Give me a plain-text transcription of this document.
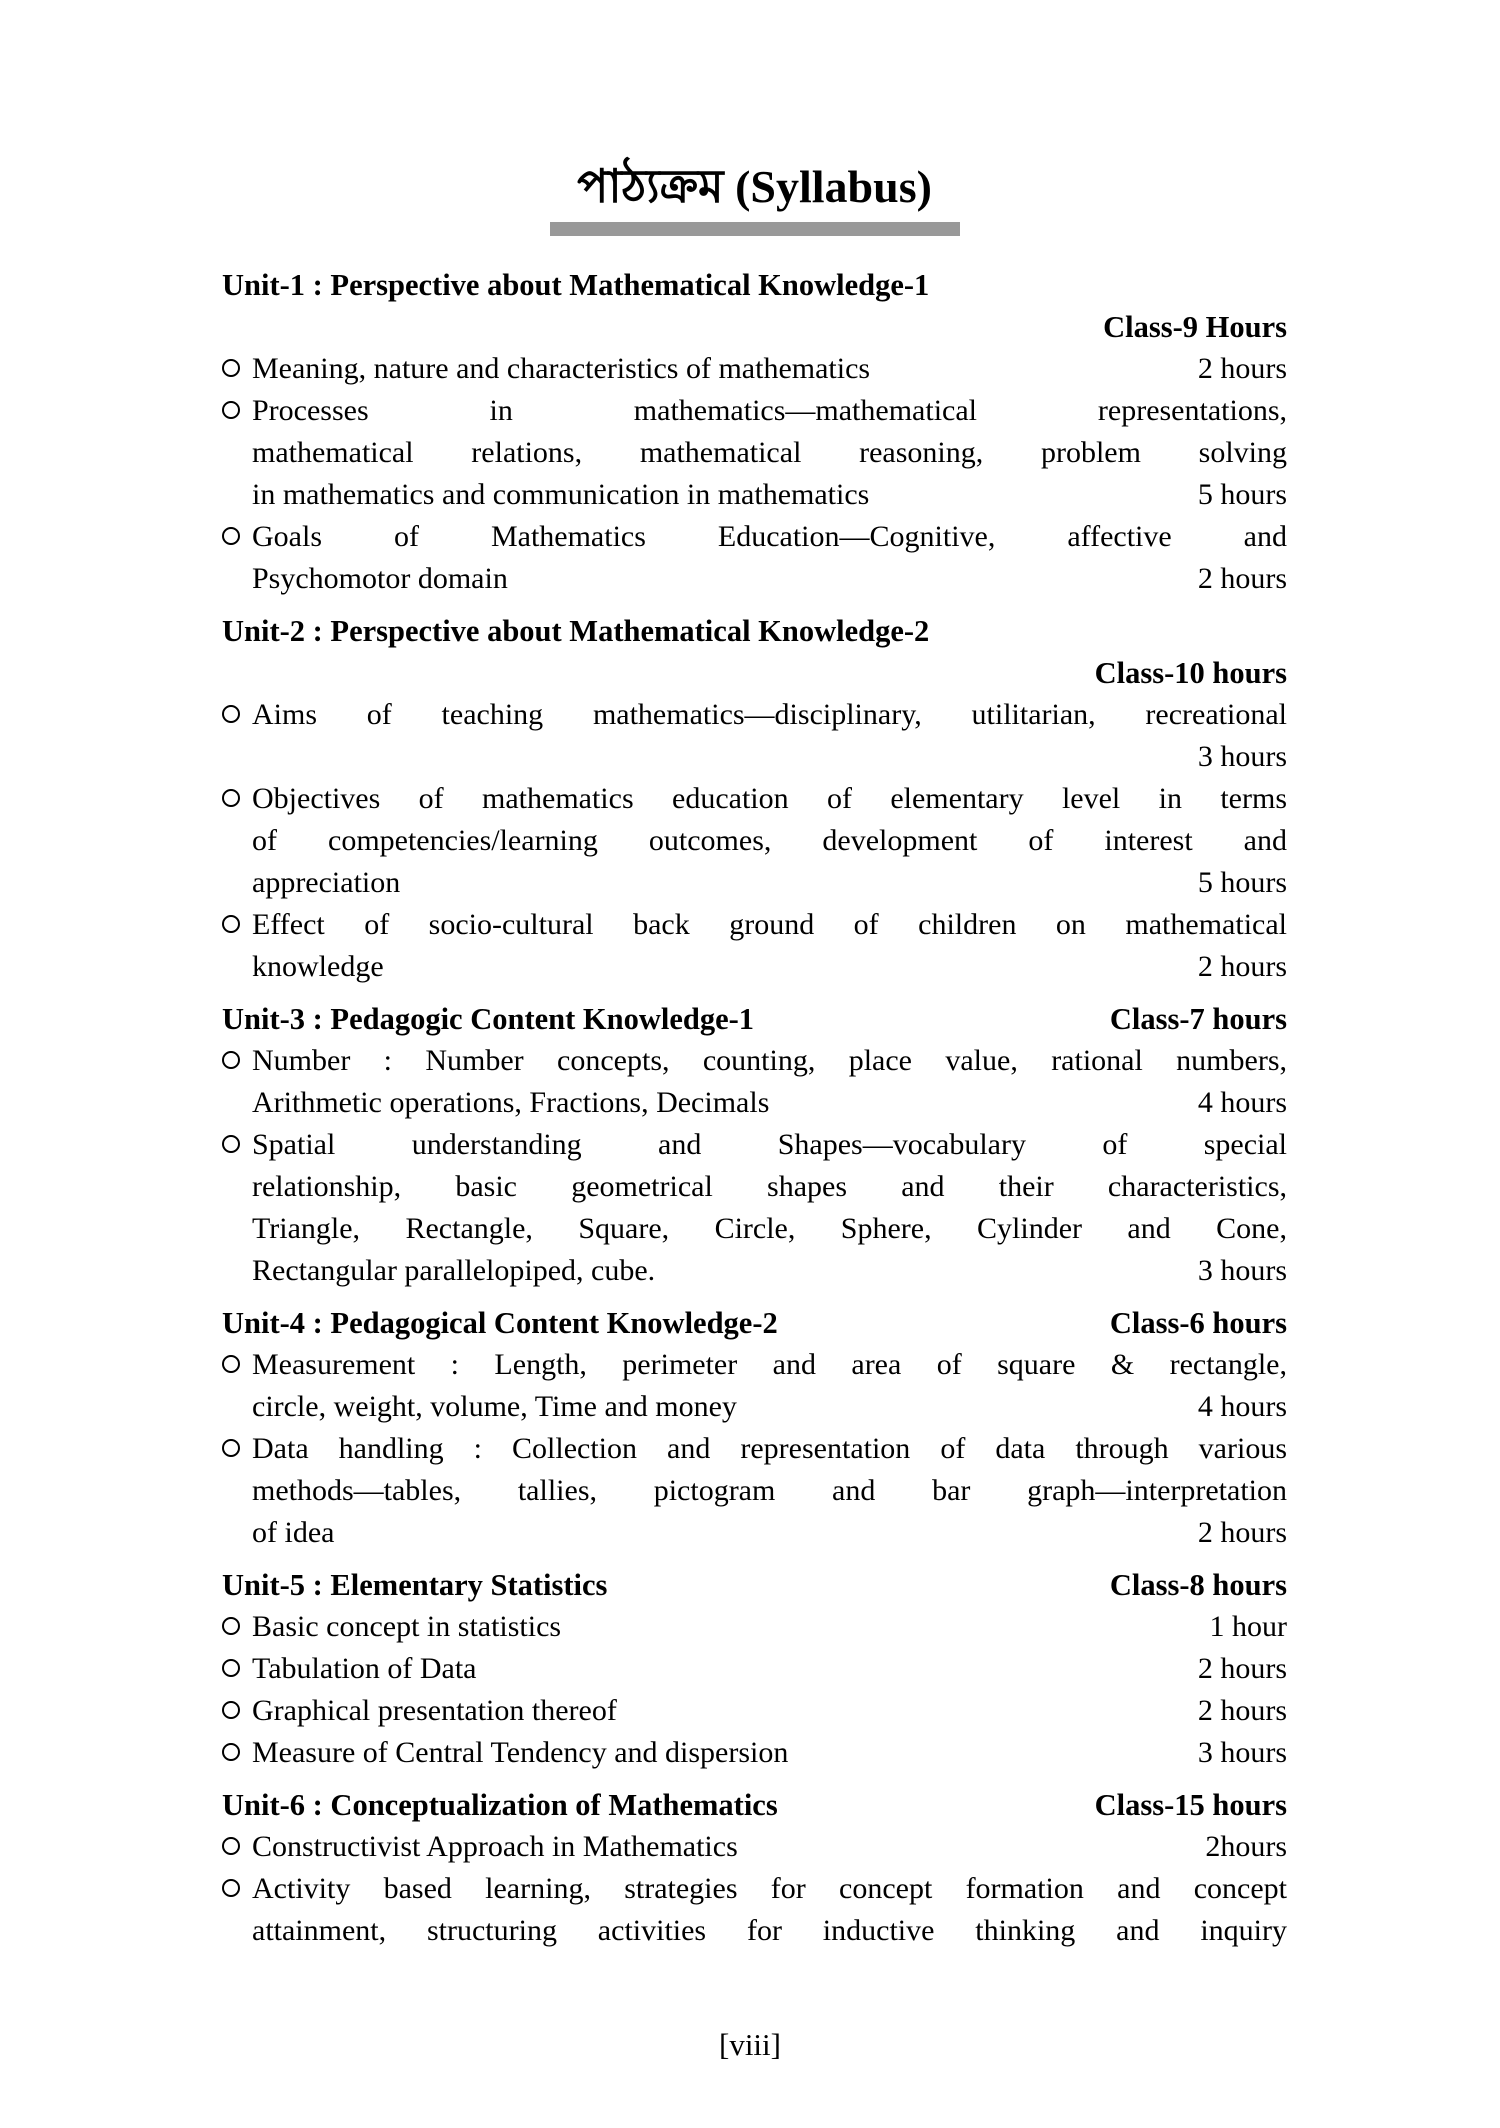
পাঠ্যক্রম (Syllabus)
Unit-1 : Perspective about Mathematical Knowledge-1
Class-9 Hours
Meaning, nature and characteristics of mathematics	2 hours
Processes in mathematics—mathematical representations,
mathematical relations, mathematical reasoning, problem solving
in mathematics and communication in mathematics	5 hours
Goals of Mathematics Education—Cognitive, affective and
Psychomotor domain	2 hours
Unit-2 : Perspective about Mathematical Knowledge-2
Class-10 hours
Aims of teaching mathematics—disciplinary, utilitarian, recreational
3 hours
Objectives of mathematics education of elementary level in terms
of competencies/learning outcomes, development of interest and
appreciation	5 hours
Effect of socio-cultural back ground of children on mathematical
knowledge	2 hours
Unit-3 : Pedagogic Content Knowledge-1	Class-7 hours
Number : Number concepts, counting, place value, rational numbers,
Arithmetic operations, Fractions, Decimals	4 hours
Spatial understanding and Shapes—vocabulary of special
relationship, basic geometrical shapes and their characteristics,
Triangle, Rectangle, Square, Circle, Sphere, Cylinder and Cone,
Rectangular parallelopiped, cube.	3 hours
Unit-4 : Pedagogical Content Knowledge-2	Class-6 hours
Measurement : Length, perimeter and area of square & rectangle,
circle, weight, volume, Time and money	4 hours
Data handling : Collection and representation of data through various
methods—tables, tallies, pictogram and bar graph—interpretation
of idea	2 hours
Unit-5 : Elementary Statistics	Class-8 hours
Basic concept in statistics	1 hour
Tabulation of Data	2 hours
Graphical presentation thereof	2 hours
Measure of Central Tendency and dispersion	3 hours
Unit-6 : Conceptualization of Mathematics	Class-15 hours
Constructivist Approach in Mathematics	2hours
Activity based learning, strategies for concept formation and concept
attainment, structuring activities for inductive thinking and inquiry
[viii]
